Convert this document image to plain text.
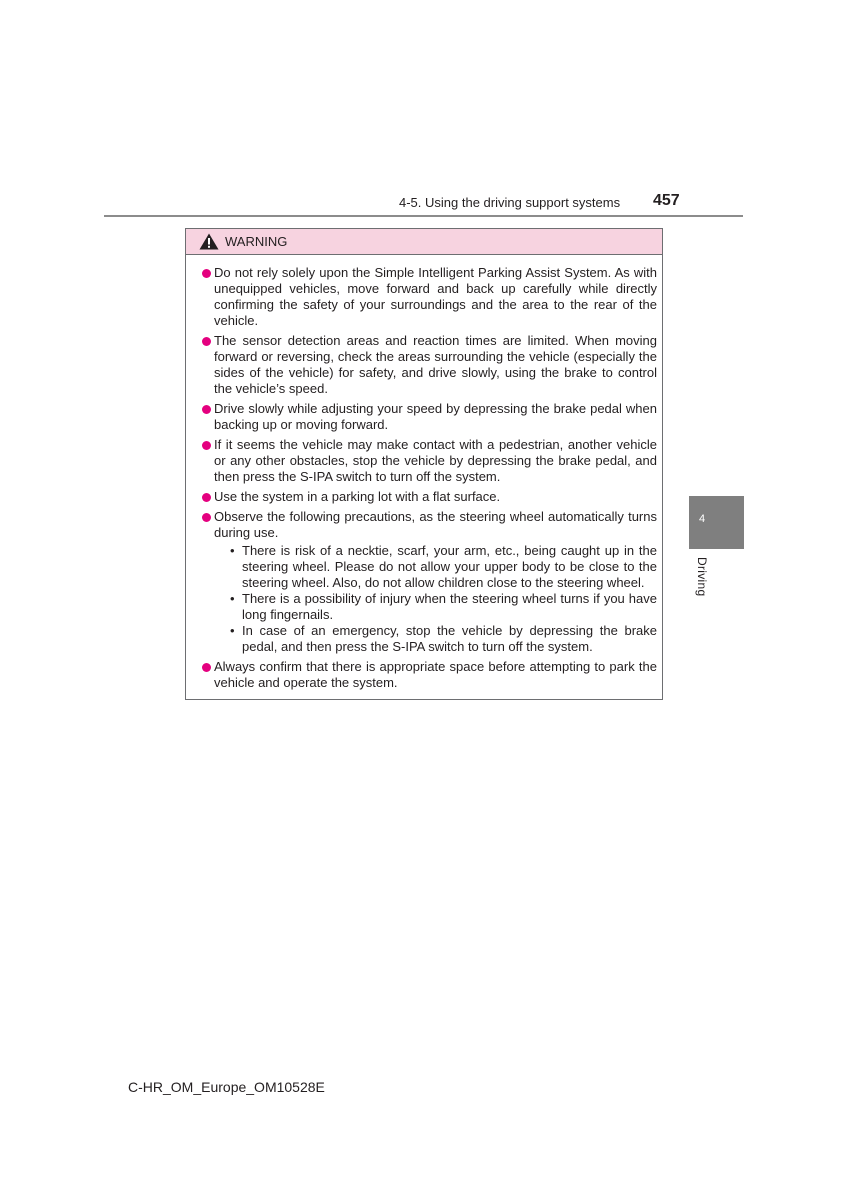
4-5. Using the driving support systems 457
4
Driving
WARNING
Do not rely solely upon the Simple Intelligent Parking Assist System. As with unequipped vehicles, move forward and back up carefully while directly confirming the safety of your surroundings and the area to the rear of the vehicle.
The sensor detection areas and reaction times are limited. When moving forward or reversing, check the areas surrounding the vehicle (especially the sides of the vehicle) for safety, and drive slowly, using the brake to control the vehicle’s speed.
Drive slowly while adjusting your speed by depressing the brake pedal when backing up or moving forward.
If it seems the vehicle may make contact with a pedestrian, another vehicle or any other obstacles, stop the vehicle by depressing the brake pedal, and then press the S-IPA switch to turn off the system.
Use the system in a parking lot with a flat surface.
Observe the following precautions, as the steering wheel automatically turns during use.
• There is risk of a necktie, scarf, your arm, etc., being caught up in the steering wheel. Please do not allow your upper body to be close to the steering wheel. Also, do not allow children close to the steering wheel.
• There is a possibility of injury when the steering wheel turns if you have long fingernails.
• In case of an emergency, stop the vehicle by depressing the brake pedal, and then press the S-IPA switch to turn off the system.
Always confirm that there is appropriate space before attempting to park the vehicle and operate the system.
C-HR_OM_Europe_OM10528E
